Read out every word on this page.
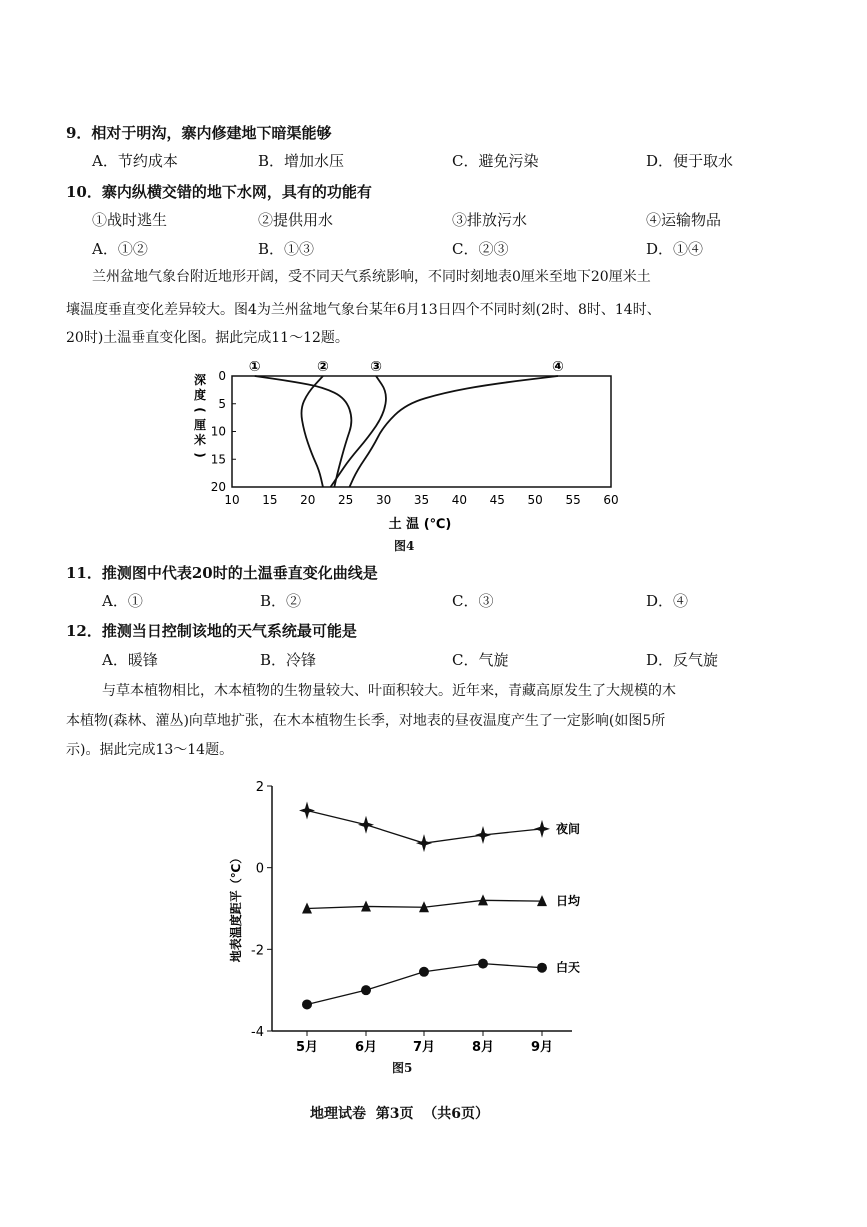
9．相对于明沟，寨内修建地下暗渠能够
A．节约成本	B．增加水压	C．避免污染	D．便于取水
10．寨内纵横交错的地下水网，具有的功能有
①战时逃生	②提供用水	③排放污水	④运输物品
A．①②	B．①③	C．②③	D．①④
兰州盆地气象台附近地形开阔，受不同天气系统影响，不同时刻地表0厘米至地下20厘米土
壤温度垂直变化差异较大。图4为兰州盆地气象台某年6月13日四个不同时刻(2时、8时、14时、
20时)土温垂直变化图。据此完成11～12题。
深
度
(
厘
米
)
0
5
10
15
20
10 15 20 25 30 35 40 45 50 55 60
①	②	③	④
土 温 (℃)
图4
11．推测图中代表20时的土温垂直变化曲线是
A．①	B．②	C．③	D．④
12．推测当日控制该地的天气系统最可能是
A．暖锋	B．冷锋	C．气旋	D．反气旋
与草本植物相比，木本植物的生物量较大、叶面积较大。近年来，青藏高原发生了大规模的木
本植物(森林、灌丛)向草地扩张，在木本植物生长季，对地表的昼夜温度产生了一定影响(如图5所
示)。据此完成13～14题。
地表温度距平（℃）
2
0
-2
-4
5月	6月	7月	8月	9月
夜间
日均
白天
图5
地理试卷  第3页  （共6页）
